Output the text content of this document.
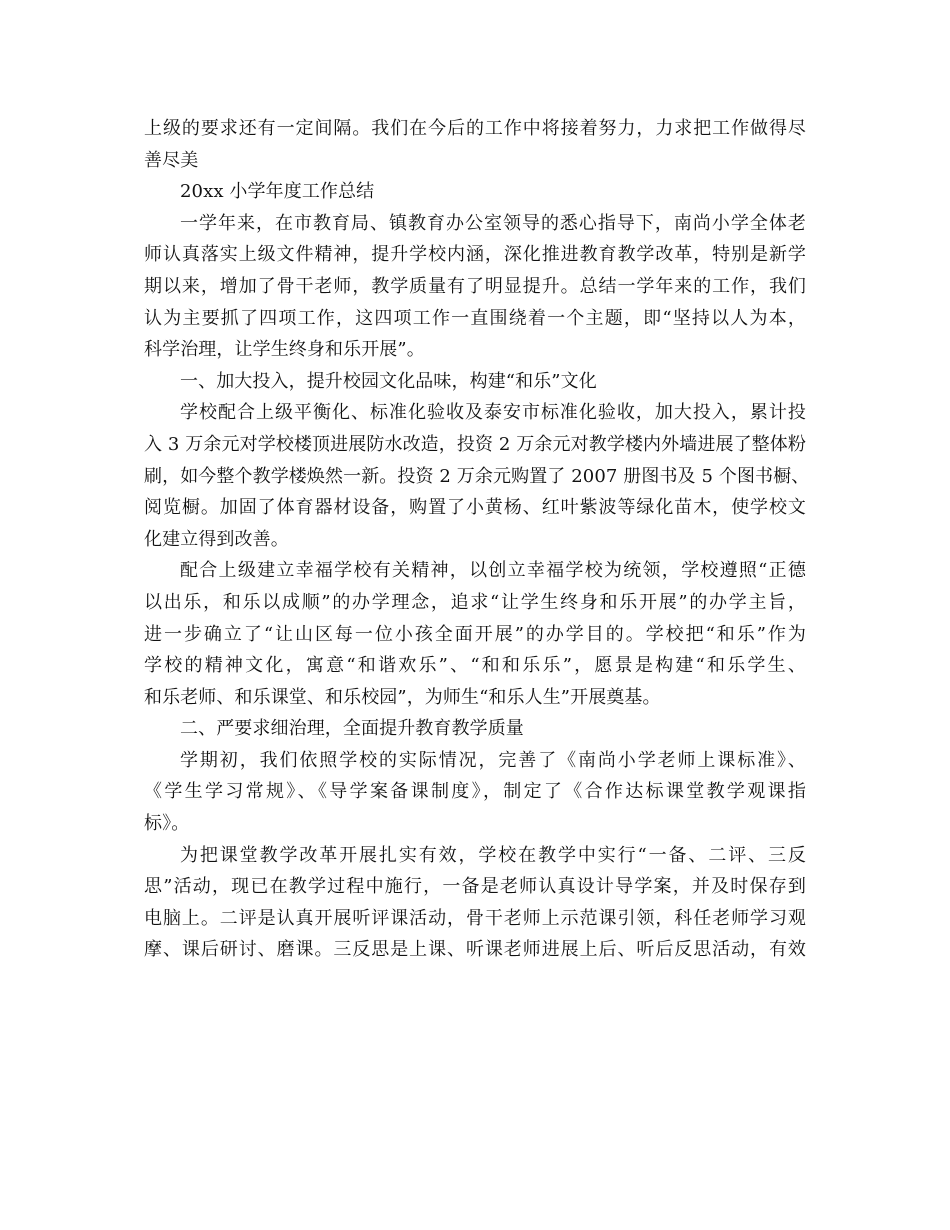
上级的要求还有一定间隔。我们在今后的工作中将接着努力，力求把工作做得尽
善尽美
20xx 小学年度工作总结
一学年来，在市教育局、镇教育办公室领导的悉心指导下，南尚小学全体老
师认真落实上级文件精神，提升学校内涵，深化推进教育教学改革，特别是新学
期以来，增加了骨干老师，教学质量有了明显提升。总结一学年来的工作，我们
认为主要抓了四项工作，这四项工作一直围绕着一个主题，即“坚持以人为本，
科学治理，让学生终身和乐开展”。
一、加大投入，提升校园文化品味，构建“和乐”文化
学校配合上级平衡化、标准化验收及泰安市标准化验收，加大投入，累计投
入 3 万余元对学校楼顶进展防水改造，投资 2 万余元对教学楼内外墙进展了整体粉
刷，如今整个教学楼焕然一新。投资 2 万余元购置了 2007 册图书及 5 个图书橱、
阅览橱。加固了体育器材设备，购置了小黄杨、红叶紫波等绿化苗木，使学校文
化建立得到改善。
配合上级建立幸福学校有关精神，以创立幸福学校为统领，学校遵照“正德
以出乐，和乐以成顺”的办学理念，追求“让学生终身和乐开展”的办学主旨，
进一步确立了“让山区每一位小孩全面开展”的办学目的。学校把“和乐”作为
学校的精神文化，寓意“和谐欢乐”、“和和乐乐”，愿景是构建“和乐学生、
和乐老师、和乐课堂、和乐校园”，为师生“和乐人生”开展奠基。
二、严要求细治理，全面提升教育教学质量
学期初，我们依照学校的实际情况，完善了《南尚小学老师上课标准》、
《学生学习常规》、《导学案备课制度》，制定了《合作达标课堂教学观课指
标》。
为把课堂教学改革开展扎实有效，学校在教学中实行“一备、二评、三反
思”活动，现已在教学过程中施行，一备是老师认真设计导学案，并及时保存到
电脑上。二评是认真开展听评课活动，骨干老师上示范课引领，科任老师学习观
摩、课后研讨、磨课。三反思是上课、听课老师进展上后、听后反思活动，有效
